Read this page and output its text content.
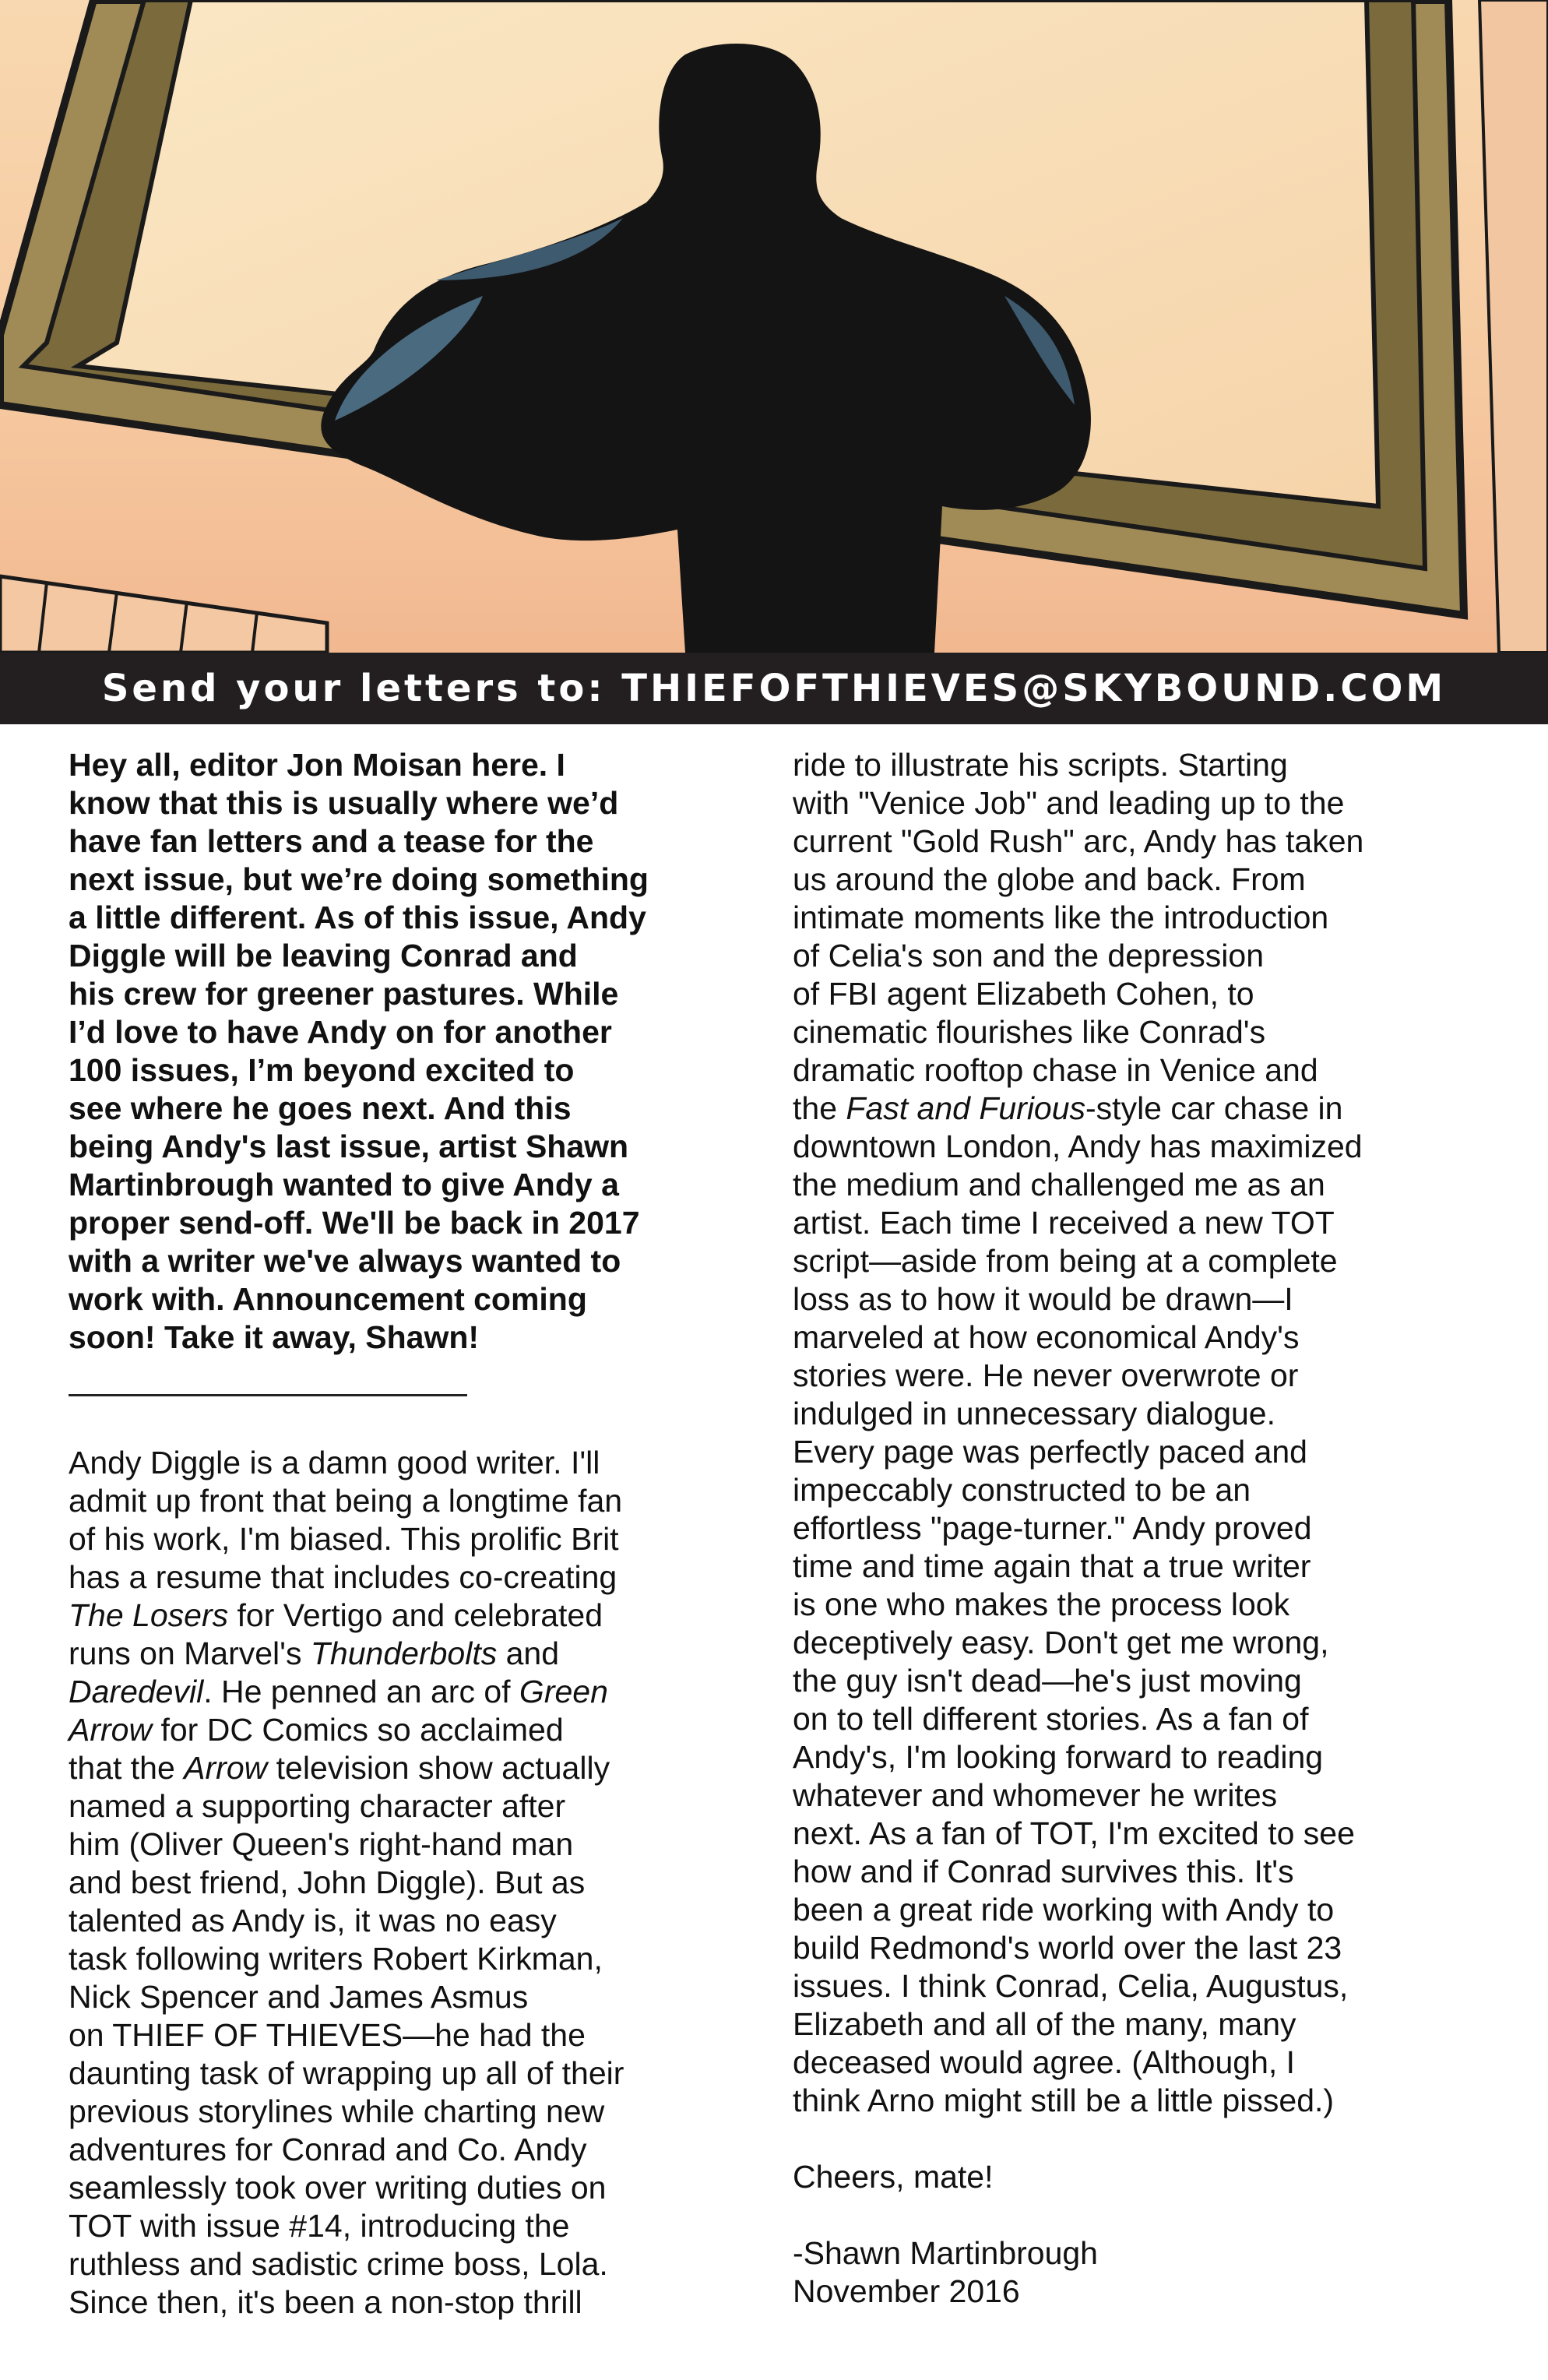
Send your letters to: THIEFOFTHIEVES@SKYBOUND.COM

Hey all, editor Jon Moisan here. I

know that this is usually where we’d

have fan letters and a tease for the

next issue, but we’re doing something

a little different. As of this issue, Andy

Diggle will be leaving Conrad and

his crew for greener pastures. While

I’d love to have Andy on for another

100 issues, I’m beyond excited to

see where he goes next. And this

being Andy's last issue, artist Shawn

Martinbrough wanted to give Andy a

proper send-off. We'll be back in 2017

with a writer we've always wanted to

work with. Announcement coming

soon! Take it away, Shawn!

Andy Diggle is a damn good writer. I'll

admit up front that being a longtime fan

of his work, I'm biased. This prolific Brit

has a resume that includes co-creating

The Losers for Vertigo and celebrated

runs on Marvel's Thunderbolts and

Daredevil. He penned an arc of Green

Arrow for DC Comics so acclaimed

that the Arrow television show actually

named a supporting character after

him (Oliver Queen's right-hand man

and best friend, John Diggle). But as

talented as Andy is, it was no easy

task following writers Robert Kirkman,

Nick Spencer and James Asmus

on THIEF OF THIEVES—he had the

daunting task of wrapping up all of their

previous storylines while charting new

adventures for Conrad and Co. Andy

seamlessly took over writing duties on

TOT with issue #14, introducing the

ruthless and sadistic crime boss, Lola.

Since then, it's been a non-stop thrill

ride to illustrate his scripts. Starting

with "Venice Job" and leading up to the

current "Gold Rush" arc, Andy has taken

us around the globe and back. From

intimate moments like the introduction

of Celia's son and the depression

of FBI agent Elizabeth Cohen, to

cinematic flourishes like Conrad's

dramatic rooftop chase in Venice and

the Fast and Furious-style car chase in

downtown London, Andy has maximized

the medium and challenged me as an

artist. Each time I received a new TOT

script—aside from being at a complete

loss as to how it would be drawn—I

marveled at how economical Andy's

stories were. He never overwrote or

indulged in unnecessary dialogue.

Every page was perfectly paced and

impeccably constructed to be an

effortless "page-turner." Andy proved

time and time again that a true writer

is one who makes the process look

deceptively easy. Don't get me wrong,

the guy isn't dead—he's just moving

on to tell different stories. As a fan of

Andy's, I'm looking forward to reading

whatever and whomever he writes

next. As a fan of TOT, I'm excited to see

how and if Conrad survives this. It's

been a great ride working with Andy to

build Redmond's world over the last 23

issues. I think Conrad, Celia, Augustus,

Elizabeth and all of the many, many

deceased would agree. (Although, I

think Arno might still be a little pissed.)

Cheers, mate!

-Shawn Martinbrough

November 2016
